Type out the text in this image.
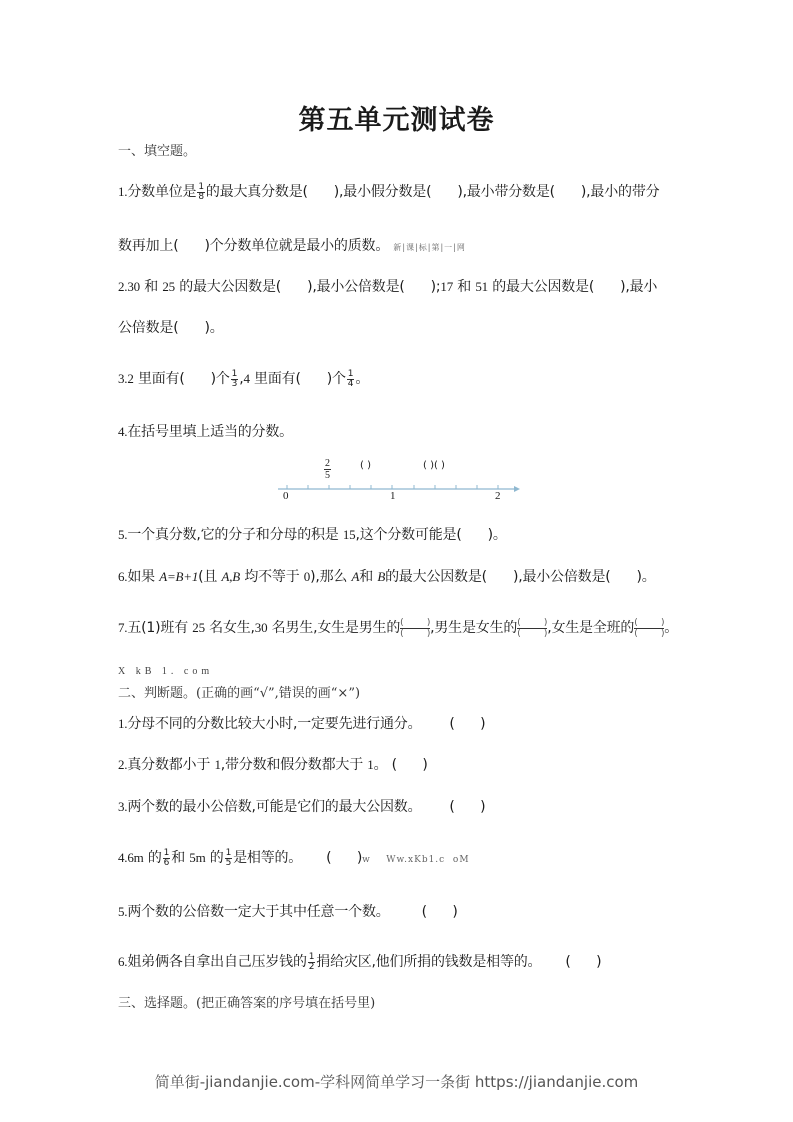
第五单元测试卷
一、填空题。
1.分数单位是 $\frac{1}{8}$ 的最大真分数是( ),最小假分数是( ),最小带分数是( ),最小的带分
数再加上( )个分数单位就是最小的质数。 新|课|标|第|一|网
2.30 和 25 的最大公因数是( ),最小公倍数是( );17 和 51 的最大公因数是( ),最小
公倍数是( )。
3.2 里面有( )个 $\frac{1}{3} ,4$ 里面有( )个 $\frac{1}{4}$ 。
4.在括号里填上适当的分数。
0	1	2
2
5
( )	( )( )
5.一个真分数,它的分子和分母的积是 15,这个分数可能是( )。
6.如果 A=B+1(且 A,B 均不等于 0),那么 A和 B的最大公因数是( ),最小公倍数是( )。
7.五(1)班有 25 名女生,30 名男生,女生是男生的 (	)
(	) ,男生是女生的 (	)
(	) ,女生是全班的 (	)
(	) 。
X kB 1. com
二、判断题。(正确的画“√”,错误的画“×”)
1.分母不同的分数比较大小时,一定要先进行通分。 (      )
2.真分数都小于 1,带分数和假分数都大于 1。 (      )
3.两个数的最小公倍数,可能是它们的最大公因数。 (      )
4.6m 的 $\frac{1}{6}$ 和 5m 的 $\frac{1}{5}$ 是相等的。 (      )w    Ww.xKb1.c  oM
5.两个数的公倍数一定大于其中任意一个数。 (      )
6.姐弟俩各自拿出自己压岁钱的 $\frac{1}{2}$ 捐给灾区,他们所捐的钱数是相等的。 (      )
三、选择题。(把正确答案的序号填在括号里)
简单街-jiandanjie.com-学科网简单学习一条街 https://jiandanjie.com
